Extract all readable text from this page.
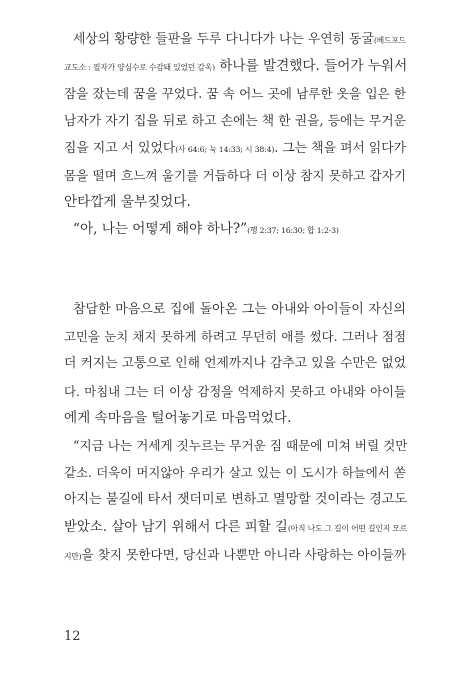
세상의 황량한 들판을 두루 다니다가 나는 우연히 동굴(베드포드
교도소 : 필자가 양심수로 수감돼 있었던 감옥) 하나를 발견했다. 들어가 누워서
잠을 잤는데 꿈을 꾸었다. 꿈 속 어느 곳에 남루한 옷을 입은 한
남자가 자기 집을 뒤로 하고 손에는 책 한 권을, 등에는 무거운
짐을 지고 서 있었다(사 64:6; 눅 14:33; 시 38:4). 그는 책을 펴서 읽다가
몸을 떨며 흐느껴 울기를 거듭하다 더 이상 참지 못하고 갑자기
안타깝게 울부짖었다.
“아, 나는 어떻게 해야 하나?”(행 2:37; 16:30; 합 1:2-3)
참담한 마음으로 집에 돌아온 그는 아내와 아이들이 자신의
고민을 눈치 채지 못하게 하려고 무던히 애를 썼다. 그러나 점점
더 커지는 고통으로 인해 언제까지나 감추고 있을 수만은 없었
다. 마침내 그는 더 이상 감정을 억제하지 못하고 아내와 아이들
에게 속마음을 털어놓기로 마음먹었다.
“지금 나는 거세게 짓누르는 무거운 짐 때문에 미쳐 버릴 것만
같소. 더욱이 머지않아 우리가 살고 있는 이 도시가 하늘에서 쏟
아지는 불길에 타서 잿더미로 변하고 멸망할 것이라는 경고도
받았소. 살아 남기 위해서 다른 피할 길(아직 나도 그 길이 어떤 길인지 모르
지만)을 찾지 못한다면, 당신과 나뿐만 아니라 사랑하는 아이들까
12
